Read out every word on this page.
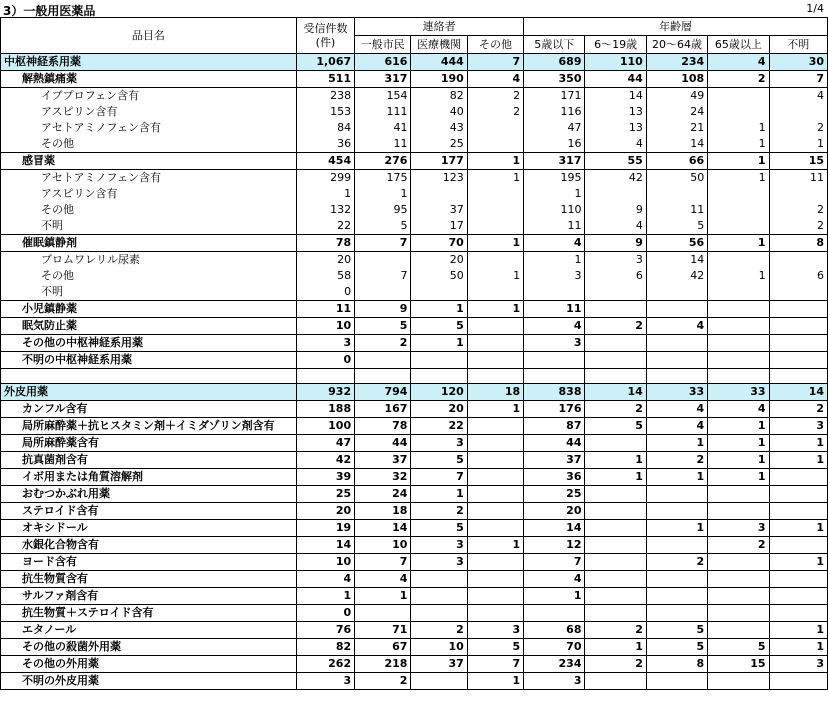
3）一般用医薬品	1/4
品目名	受信件数
(件)	連絡者			年齢層				
		一般市民	医療機関	その他	5歳以下	6～19歳	20～64歳	65歳以上	不明
中枢神経系用薬	1,067	616	444	7	689	110	234	4	30
解熱鎮痛薬	511	317	190	4	350	44	108	2	7
イブプロフェン含有	238	154	82	2	171	14	49		4
アスピリン含有	153	111	40	2	116	13	24		
アセトアミノフェン含有	84	41	43		47	13	21	1	2
その他	36	11	25		16	4	14	1	1
感冒薬	454	276	177	1	317	55	66	1	15
アセトアミノフェン含有	299	175	123	1	195	42	50	1	11
アスピリン含有	1	1			1				
その他	132	95	37		110	9	11		2
不明	22	5	17		11	4	5		2
催眠鎮静剤	78	7	70	1	4	9	56	1	8
ブロムワレリル尿素	20		20		1	3	14		
その他	58	7	50	1	3	6	42	1	6
不明	0								
小児鎮静薬	11	9	1	1	11				
眠気防止薬	10	5	5		4	2	4		
その他の中枢神経系用薬	3	2	1		3				
不明の中枢神経系用薬	0								

外皮用薬	932	794	120	18	838	14	33	33	14
カンフル含有	188	167	20	1	176	2	4	4	2
局所麻酔薬＋抗ヒスタミン剤＋イミダゾリン剤含有	100	78	22		87	5	4	1	3
局所麻酔薬含有	47	44	3		44		1	1	1
抗真菌剤含有	42	37	5		37	1	2	1	1
イボ用または角質溶解剤	39	32	7		36	1	1	1	
おむつかぶれ用薬	25	24	1		25				
ステロイド含有	20	18	2		20				
オキシドール	19	14	5		14		1	3	1
水銀化合物含有	14	10	3	1	12			2	
ヨード含有	10	7	3		7		2		1
抗生物質含有	4	4			4				
サルファ剤含有	1	1			1				
抗生物質＋ステロイド含有	0								
エタノール	76	71	2	3	68	2	5		1
その他の殺菌外用薬	82	67	10	5	70	1	5	5	1
その他の外用薬	262	218	37	7	234	2	8	15	3
不明の外皮用薬	3	2		1	3				
